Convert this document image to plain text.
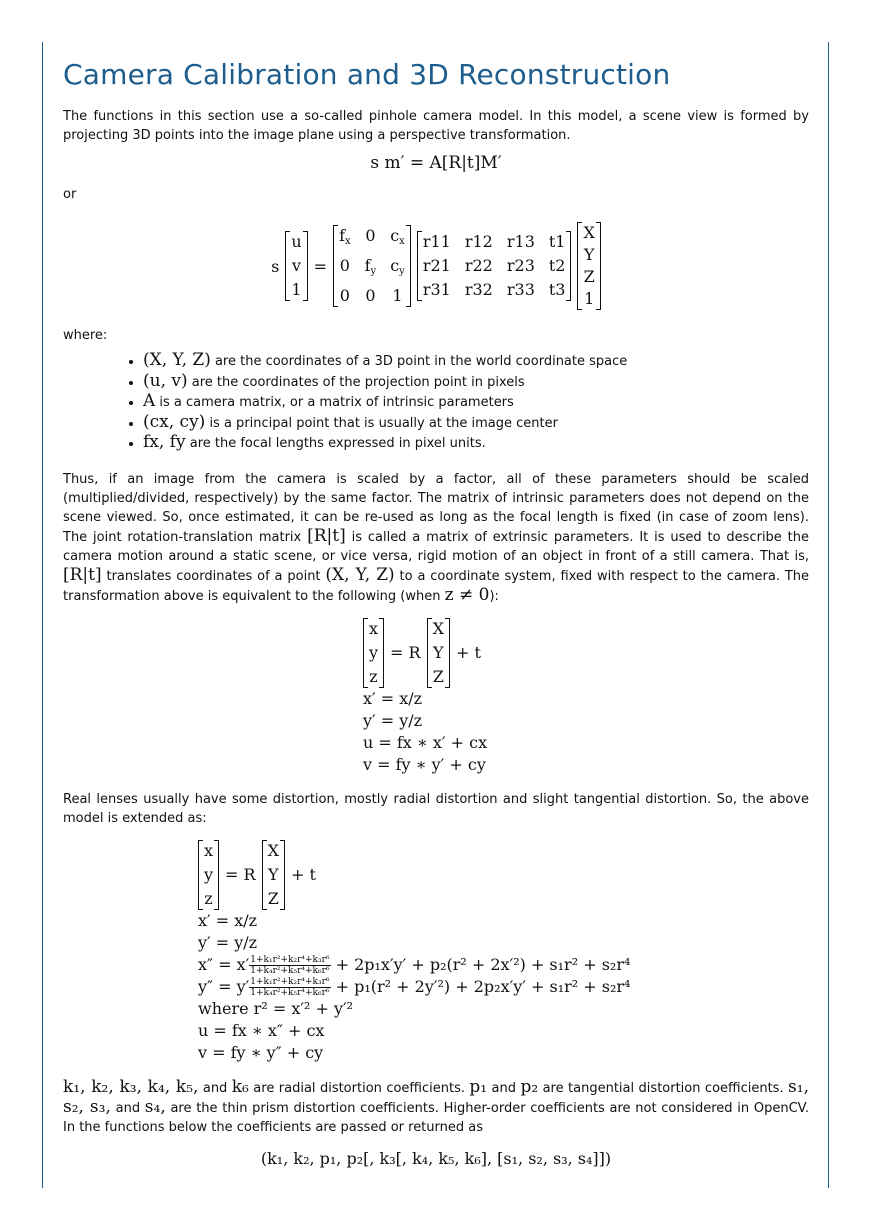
Camera Calibration and 3D Reconstruction

The functions in this section use a so-called pinhole camera model. In this model, a scene view is formed by projecting 3D points into the image plane using a perspective transformation.

s m′ = A[R|t]M′
or
s
u
v
1
=
$f_x$ 0 $c_x$
0 $f_y$ $c_y$
0 0 1
r11 r12 r13 t1
r21 r22 r23 t2
r31 r32 r33 t3
X
Y
Z
1
where:
• (X, Y, Z) are the coordinates of a 3D point in the world coordinate space
• (u, v) are the coordinates of the projection point in pixels
• A is a camera matrix, or a matrix of intrinsic parameters
• (cx, cy) is a principal point that is usually at the image center
• fx, fy are the focal lengths expressed in pixel units.

Thus, if an image from the camera is scaled by a factor, all of these parameters should be scaled (multiplied/divided, respectively) by the same factor. The matrix of intrinsic parameters does not depend on the scene viewed. So, once estimated, it can be re-used as long as the focal length is fixed (in case of zoom lens). The joint rotation-translation matrix [R|t] is called a matrix of extrinsic parameters. It is used to describe the camera motion around a static scene, or vice versa, rigid motion of an object in front of a still camera. That is, [R|t] translates coordinates of a point (X, Y, Z) to a coordinate system, fixed with respect to the camera. The transformation above is equivalent to the following (when z ≠ 0):

x
y
z
= R
X
Y
Z
+ t
x′ = x/z
y′ = y/z
u = fx ∗ x′ + cx
v = fy ∗ y′ + cy

Real lenses usually have some distortion, mostly radial distortion and slight tangential distortion. So, the above model is extended as:

x
y
z
= R
X
Y
Z
+ t
x′ = x/z
y′ = y/z
$x'' = x' \frac{\text{1+k₁r²+k₂r⁴+k₃r⁶}}{\text{1+k₄r²+k₅r⁴+k₆r⁶}} + 2p_1x'y' + p_2(r^2 + 2x'^2) + s_1r^2 + s_2r^4$
$y'' = y' \frac{\text{1+k₁r²+k₂r⁴+k₃r⁶}}{\text{1+k₄r²+k₅r⁴+k₆r⁶}} + p_1(r^2 + 2y'^2) + 2p_2x'y' + s_1r^2 + s_2r^4$
where r² = x′² + y′²
u = fx ∗ x″ + cx
v = fy ∗ y″ + cy

k₁, k₂, k₃, k₄, k₅, and k₆ are radial distortion coefficients. p₁ and p₂ are tangential distortion coefficients. s₁, s₂, s₃, and s₄, are the thin prism distortion coefficients. Higher-order coefficients are not considered in OpenCV. In the functions below the coefficients are passed or returned as

(k₁, k₂, p₁, p₂[, k₃[, k₄, k₅, k₆], [s₁, s₂, s₃, s₄]])
